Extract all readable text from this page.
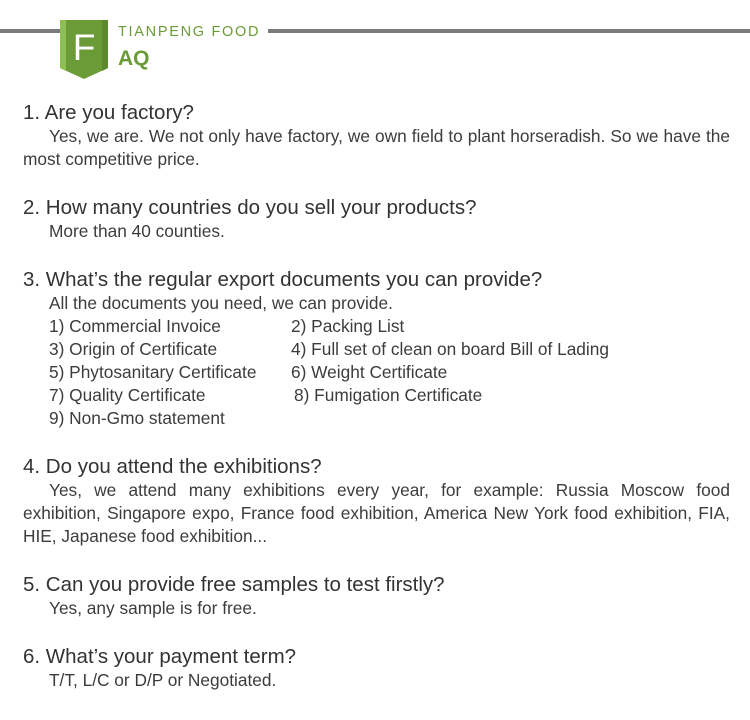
F	TIANPENG FOOD
AQ
1. Are you factory?
Yes, we are. We not only have factory, we own field to plant horseradish. So we have the most competitive price.
2. How many countries do you sell your products?
More than 40 counties.
3. What’s the regular export documents you can provide?
All the documents you need, we can provide.
1) Commercial Invoice	2) Packing List
3) Origin of Certificate	4) Full set of clean on board Bill of Lading
5) Phytosanitary Certificate	6) Weight Certificate
7) Quality Certificate	8) Fumigation Certificate
9) Non-Gmo statement
4. Do you attend the exhibitions?
Yes, we attend many exhibitions every year, for example: Russia Moscow food exhibition, Singapore expo, France food exhibition, America New York food exhibition, FIA, HIE, Japanese food exhibition...
5. Can you provide free samples to test firstly?
Yes, any sample is for free.
6. What’s your payment term?
T/T, L/C or D/P or Negotiated.
